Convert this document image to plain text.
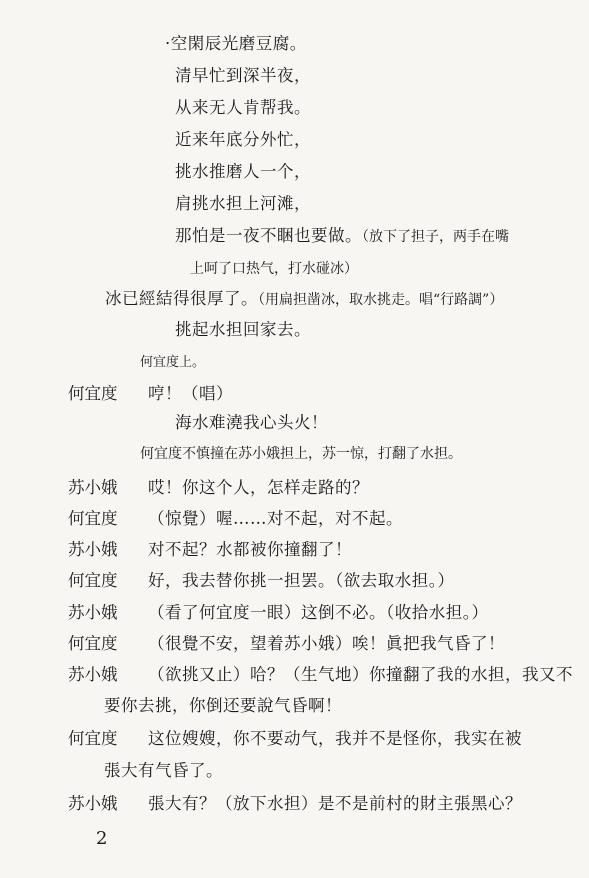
·空閑辰光磨豆腐。
清早忙到深半夜，
从来无人肯帮我。
近来年底分外忙，
挑水推磨人一个，
肩挑水担上河滩，
那怕是一夜不睏也要做。（放下了担子，两手在嘴
上呵了口热气，打水碰冰）
冰已經結得很厚了。（用扁担凿冰，取水挑走。唱“行路調”）
挑起水担回家去。
何宜度上。
何宜度 哼！（唱）
海水难澆我心头火！
何宜度不慎撞在苏小娥担上，苏一惊，打翻了水担。
苏小娥 哎！你这个人，怎样走路的？
何宜度 （惊覺）喔……对不起，对不起。
苏小娥 对不起？水都被你撞翻了！
何宜度 好，我去替你挑一担罢。（欲去取水担。）
苏小娥 （看了何宜度一眼）这倒不必。（收拾水担。）
何宜度 （很覺不安，望着苏小娥）唉！眞把我气昏了！
苏小娥 （欲挑又止）哈？（生气地）你撞翻了我的水担，我又不
要你去挑，你倒还要說气昏啊！
何宜度 这位嫂嫂，你不要动气，我并不是怪你，我实在被
張大有气昏了。
苏小娥 張大有？（放下水担）是不是前村的財主張黑心？
2
